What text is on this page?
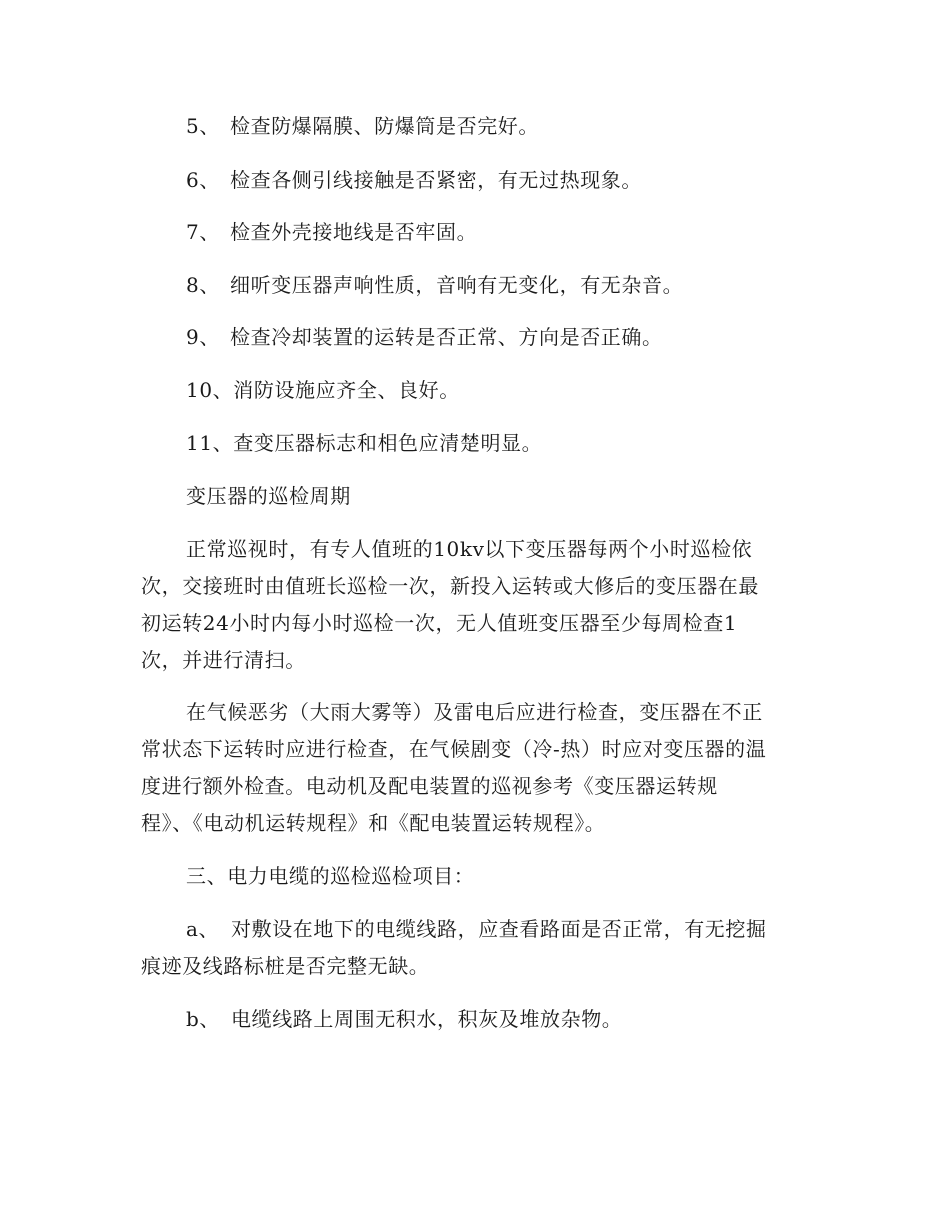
5、 检查防爆隔膜、防爆筒是否完好。
6、 检查各侧引线接触是否紧密，有无过热现象。
7、 检查外壳接地线是否牢固。
8、 细听变压器声响性质，音响有无变化，有无杂音。
9、 检查冷却装置的运转是否正常、方向是否正确。
10、消防设施应齐全、良好。
11、查变压器标志和相色应清楚明显。
变压器的巡检周期
正常巡视时，有专人值班的10kv以下变压器每两个小时巡检依
次，交接班时由值班长巡检一次，新投入运转或大修后的变压器在最
初运转24小时内每小时巡检一次，无人值班变压器至少每周检查1
次，并进行清扫。
在气候恶劣（大雨大雾等）及雷电后应进行检查，变压器在不正
常状态下运转时应进行检查，在气候剧变（冷-热）时应对变压器的温
度进行额外检查。电动机及配电装置的巡视参考《变压器运转规
程》、《电动机运转规程》和《配电装置运转规程》。
三、电力电缆的巡检巡检项目：
a、 对敷设在地下的电缆线路，应查看路面是否正常，有无挖掘
痕迹及线路标桩是否完整无缺。
b、 电缆线路上周围无积水，积灰及堆放杂物。
